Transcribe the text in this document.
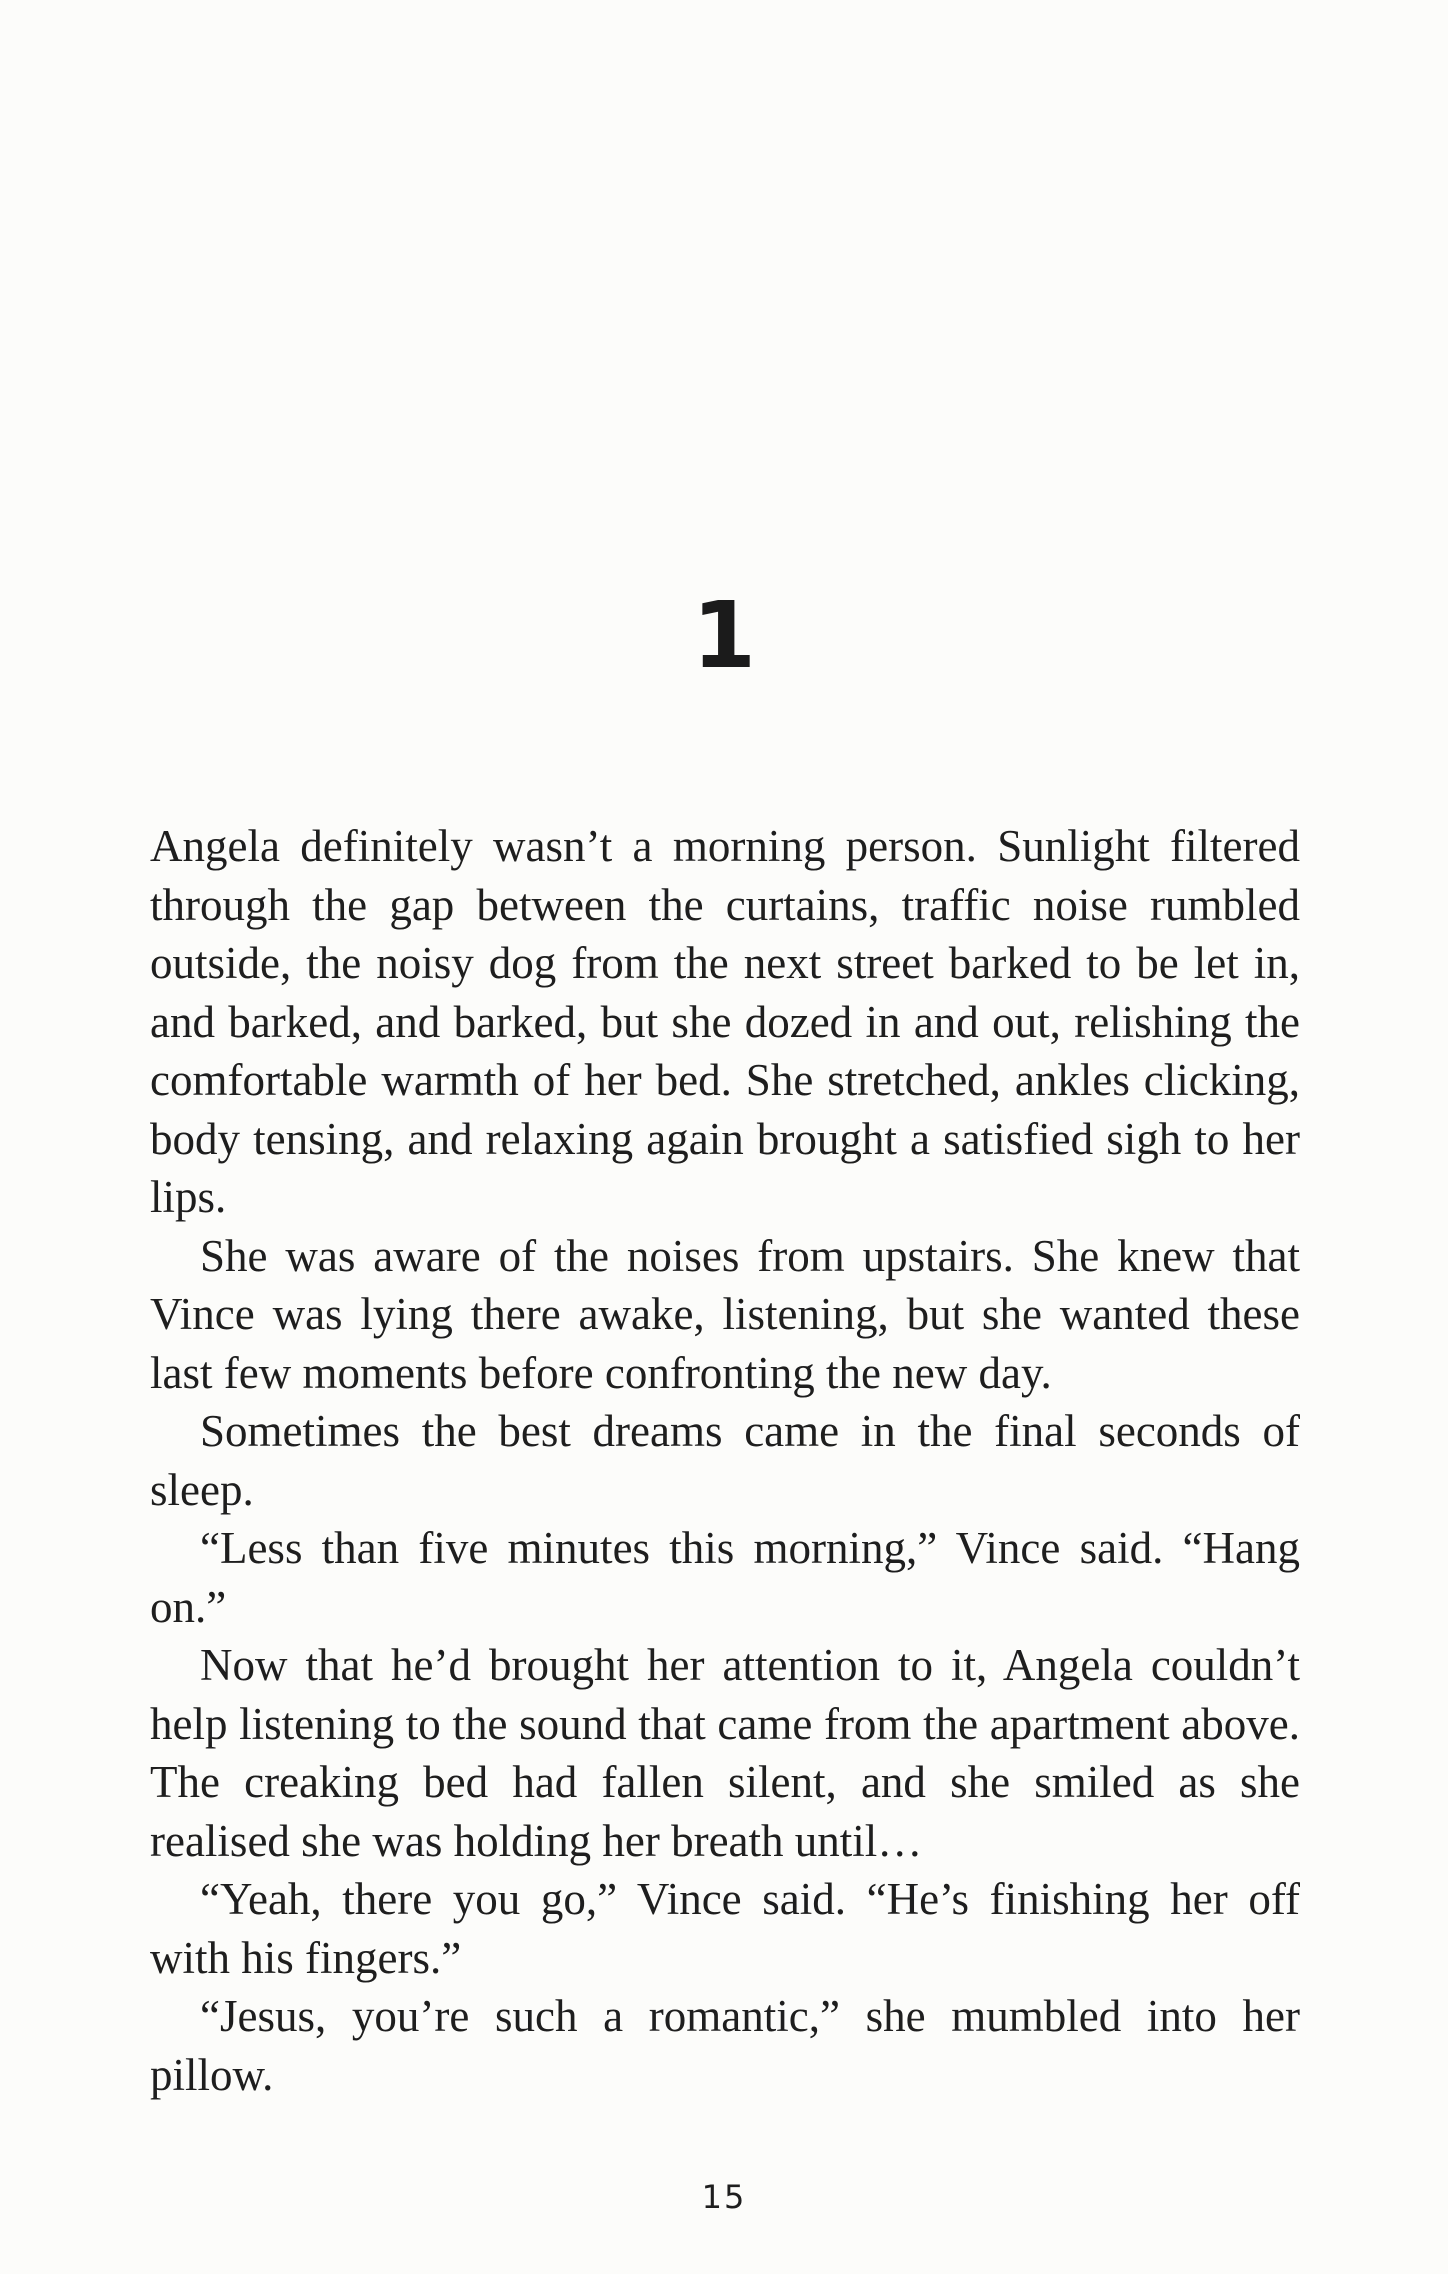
1

Angela definitely wasn’t a morning person. Sunlight filtered through the gap between the curtains, traffic noise rumbled outside, the noisy dog from the next street barked to be let in, and barked, and barked, but she dozed in and out, relishing the comfortable warmth of her bed. She stretched, ankles clicking, body tensing, and relaxing again brought a satisfied sigh to her lips.

She was aware of the noises from upstairs. She knew that Vince was lying there awake, listening, but she wanted these last few moments before confronting the new day.

Sometimes the best dreams came in the final seconds of sleep.

“Less than five minutes this morning,” Vince said. “Hang on.”

Now that he’d brought her attention to it, Angela couldn’t help listening to the sound that came from the apartment above. The creaking bed had fallen silent, and she smiled as she realised she was holding her breath until…

“Yeah, there you go,” Vince said. “He’s finishing her off with his fingers.”

“Jesus, you’re such a romantic,” she mumbled into her pillow.

15
